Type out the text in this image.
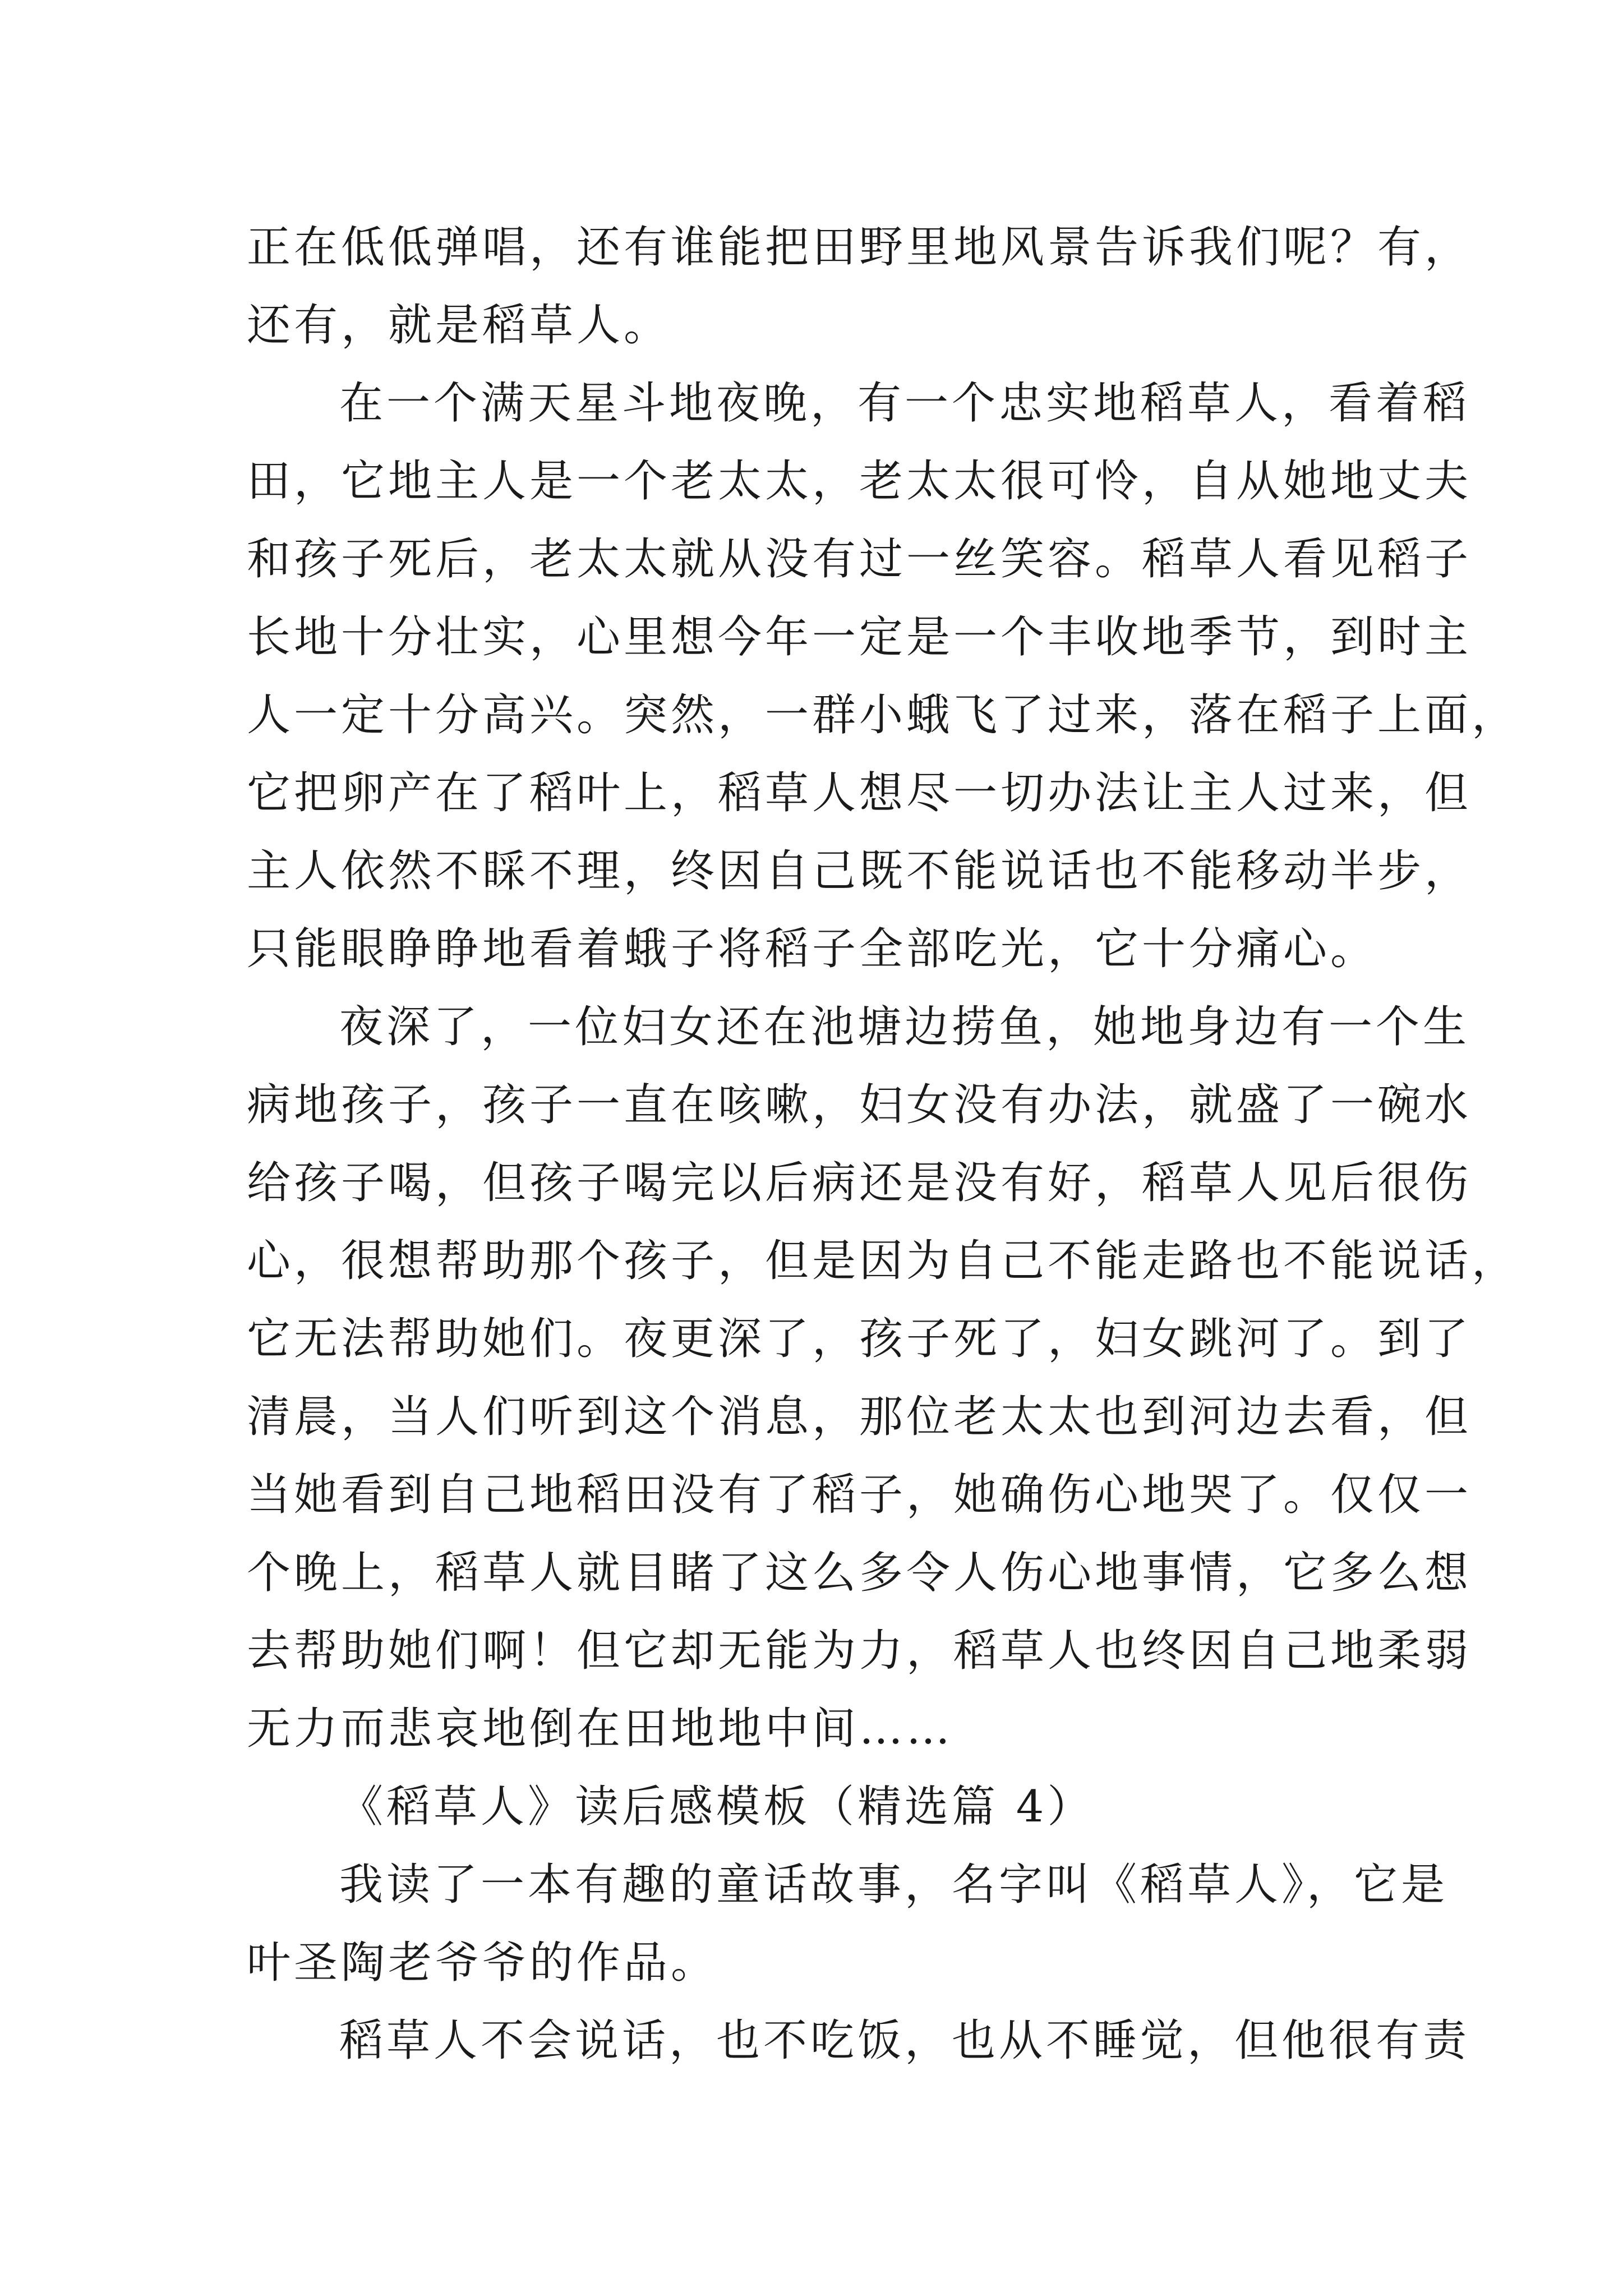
正在低低弹唱，还有谁能把田野里地风景告诉我们呢？有，
还有，就是稻草人。
在一个满天星斗地夜晚，有一个忠实地稻草人，看着稻
田，它地主人是一个老太太，老太太很可怜，自从她地丈夫
和孩子死后，老太太就从没有过一丝笑容。稻草人看见稻子
长地十分壮实，心里想今年一定是一个丰收地季节，到时主
人一定十分高兴。突然，一群小蛾飞了过来，落在稻子上面，
它把卵产在了稻叶上，稻草人想尽一切办法让主人过来，但
主人依然不睬不理，终因自己既不能说话也不能移动半步，
只能眼睁睁地看着蛾子将稻子全部吃光，它十分痛心。
夜深了，一位妇女还在池塘边捞鱼，她地身边有一个生
病地孩子，孩子一直在咳嗽，妇女没有办法，就盛了一碗水
给孩子喝，但孩子喝完以后病还是没有好，稻草人见后很伤
心，很想帮助那个孩子，但是因为自己不能走路也不能说话，
它无法帮助她们。夜更深了，孩子死了，妇女跳河了。到了
清晨，当人们听到这个消息，那位老太太也到河边去看，但
当她看到自己地稻田没有了稻子，她确伤心地哭了。仅仅一
个晚上，稻草人就目睹了这么多令人伤心地事情，它多么想
去帮助她们啊！但它却无能为力，稻草人也终因自己地柔弱
无力而悲哀地倒在田地地中间……
《稻草人》读后感模板（精选篇 4）
我读了一本有趣的童话故事，名字叫《稻草人》，它是
叶圣陶老爷爷的作品。
稻草人不会说话，也不吃饭，也从不睡觉，但他很有责
